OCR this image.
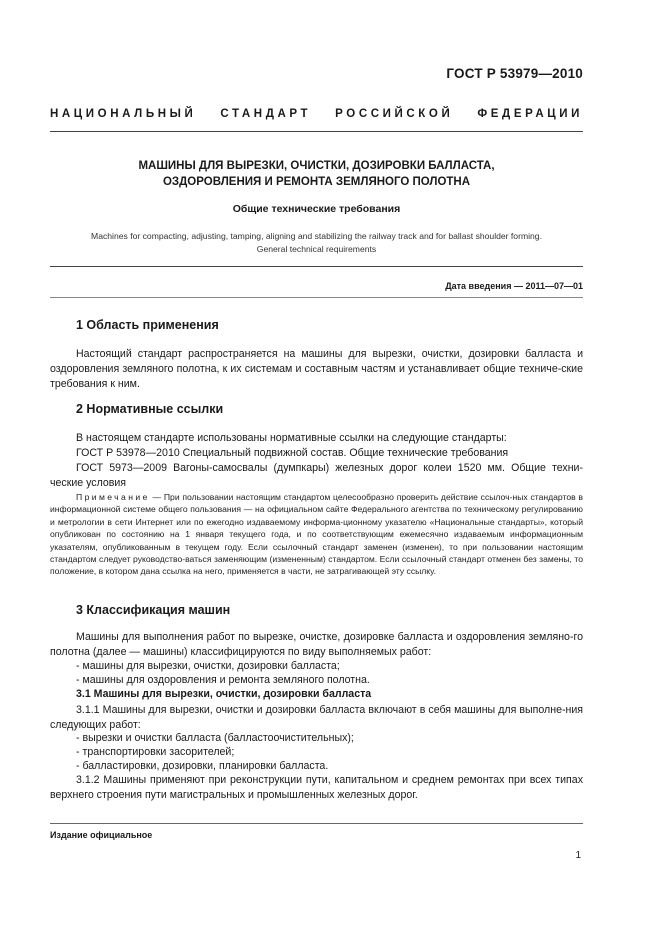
ГОСТ Р 53979—2010
НАЦИОНАЛЬНЫЙ СТАНДАРТ РОССИЙСКОЙ ФЕДЕРАЦИИ
МАШИНЫ ДЛЯ ВЫРЕЗКИ, ОЧИСТКИ, ДОЗИРОВКИ БАЛЛАСТА,
ОЗДОРОВЛЕНИЯ И РЕМОНТА ЗЕМЛЯНОГО ПОЛОТНА
Общие технические требования
Machines for compacting, adjusting, tamping, aligning and stabilizing the railway track and for ballast shoulder forming.
General technical requirements
Дата введения — 2011—07—01
1 Область применения
Настоящий стандарт распространяется на машины для вырезки, очистки, дозировки балласта и оздоровления земляного полотна, к их системам и составным частям и устанавливает общие техниче-ские требования к ним.
2 Нормативные ссылки
В настоящем стандарте использованы нормативные ссылки на следующие стандарты:
ГОСТ Р 53978—2010 Специальный подвижной состав. Общие технические требования
ГОСТ 5973—2009 Вагоны-самосвалы (думпкары) железных дорог колеи 1520 мм. Общие техни-ческие условия
Примечание — При пользовании настоящим стандартом целесообразно проверить действие ссылоч-ных стандартов в информационной системе общего пользования — на официальном сайте Федерального агентства по техническому регулированию и метрологии в сети Интернет или по ежегодно издаваемому информа-ционному указателю «Национальные стандарты», который опубликован по состоянию на 1 января текущего года, и по соответствующим ежемесячно издаваемым информационным указателям, опубликованным в текущем году. Если ссылочный стандарт заменен (изменен), то при пользовании настоящим стандартом следует руководство-ваться заменяющим (измененным) стандартом. Если ссылочный стандарт отменен без замены, то положение, в котором дана ссылка на него, применяется в части, не затрагивающей эту ссылку.
3 Классификация машин
Машины для выполнения работ по вырезке, очистке, дозировке балласта и оздоровления земляно-го полотна (далее — машины) классифицируются по виду выполняемых работ:
- машины для вырезки, очистки, дозировки балласта;
- машины для оздоровления и ремонта земляного полотна.
3.1 Машины для вырезки, очистки, дозировки балласта
3.1.1 Машины для вырезки, очистки и дозировки балласта включают в себя машины для выполне-ния следующих работ:
- вырезки и очистки балласта (балластоочистительных);
- транспортировки засорителей;
- балластировки, дозировки, планировки балласта.
3.1.2 Машины применяют при реконструкции пути, капитальном и среднем ремонтах при всех типах верхнего строения пути магистральных и промышленных железных дорог.
Издание официальное
1
